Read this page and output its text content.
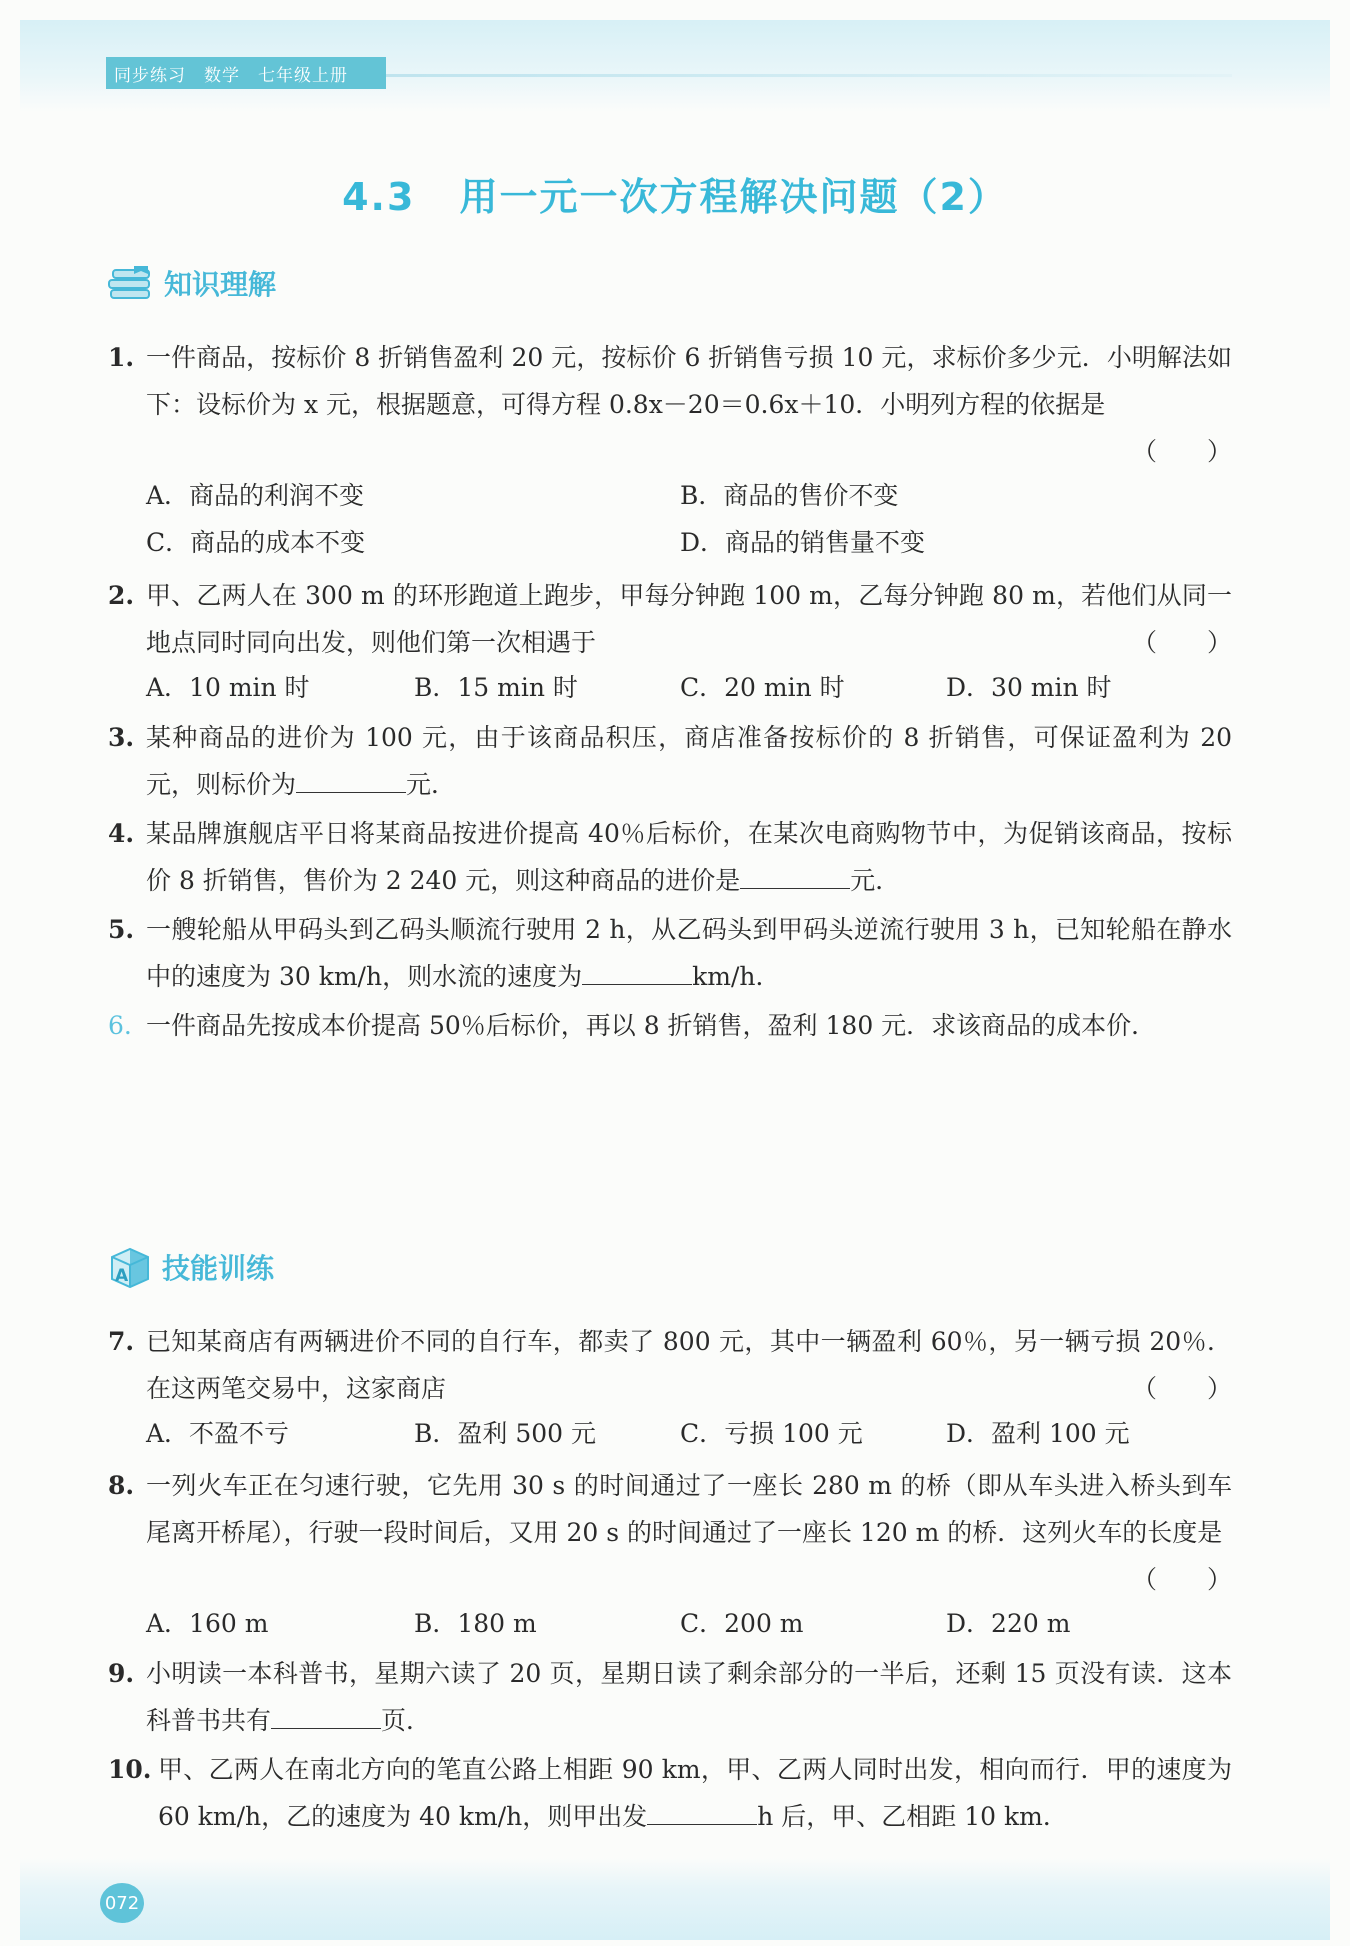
同步练习 数学 七年级上册
4.3 用一元一次方程解决问题（2）
知识理解
1. 一件商品，按标价 8 折销售盈利 20 元，按标价 6 折销售亏损 10 元，求标价多少元．小明解法如下：设标价为 x 元，根据题意，可得方程 0.8x－20＝0.6x＋10．小明列方程的依据是
（　　）
A．商品的利润不变	B．商品的售价不变
C．商品的成本不变	D．商品的销售量不变
2. 甲、乙两人在 300 m 的环形跑道上跑步，甲每分钟跑 100 m，乙每分钟跑 80 m，若他们从同一地点同时同向出发，则他们第一次相遇于	（　　）
A．10 min 时	B．15 min 时	C．20 min 时	D．30 min 时
3. 某种商品的进价为 100 元，由于该商品积压，商店准备按标价的 8 折销售，可保证盈利为 20 元，则标价为	元．
4. 某品牌旗舰店平日将某商品按进价提高 40％后标价，在某次电商购物节中，为促销该商品，按标价 8 折销售，售价为 2 240 元，则这种商品的进价是	元．
5. 一艘轮船从甲码头到乙码头顺流行驶用 2 h，从乙码头到甲码头逆流行驶用 3 h，已知轮船在静水中的速度为 30 km/h，则水流的速度为	km/h．
6. 一件商品先按成本价提高 50％后标价，再以 8 折销售，盈利 180 元．求该商品的成本价．
A 技能训练
7. 已知某商店有两辆进价不同的自行车，都卖了 800 元，其中一辆盈利 60％，另一辆亏损 20％．在这两笔交易中，这家商店	（　　）
A．不盈不亏	B．盈利 500 元	C．亏损 100 元	D．盈利 100 元
8. 一列火车正在匀速行驶，它先用 30 s 的时间通过了一座长 280 m 的桥（即从车头进入桥头到车尾离开桥尾），行驶一段时间后，又用 20 s 的时间通过了一座长 120 m 的桥．这列火车的长度是
（　　）
A．160 m	B．180 m	C．200 m	D．220 m
9. 小明读一本科普书，星期六读了 20 页，星期日读了剩余部分的一半后，还剩 15 页没有读．这本科普书共有	页．
10. 甲、乙两人在南北方向的笔直公路上相距 90 km，甲、乙两人同时出发，相向而行．甲的速度为 60 km/h，乙的速度为 40 km/h，则甲出发	h 后，甲、乙相距 10 km．
072
